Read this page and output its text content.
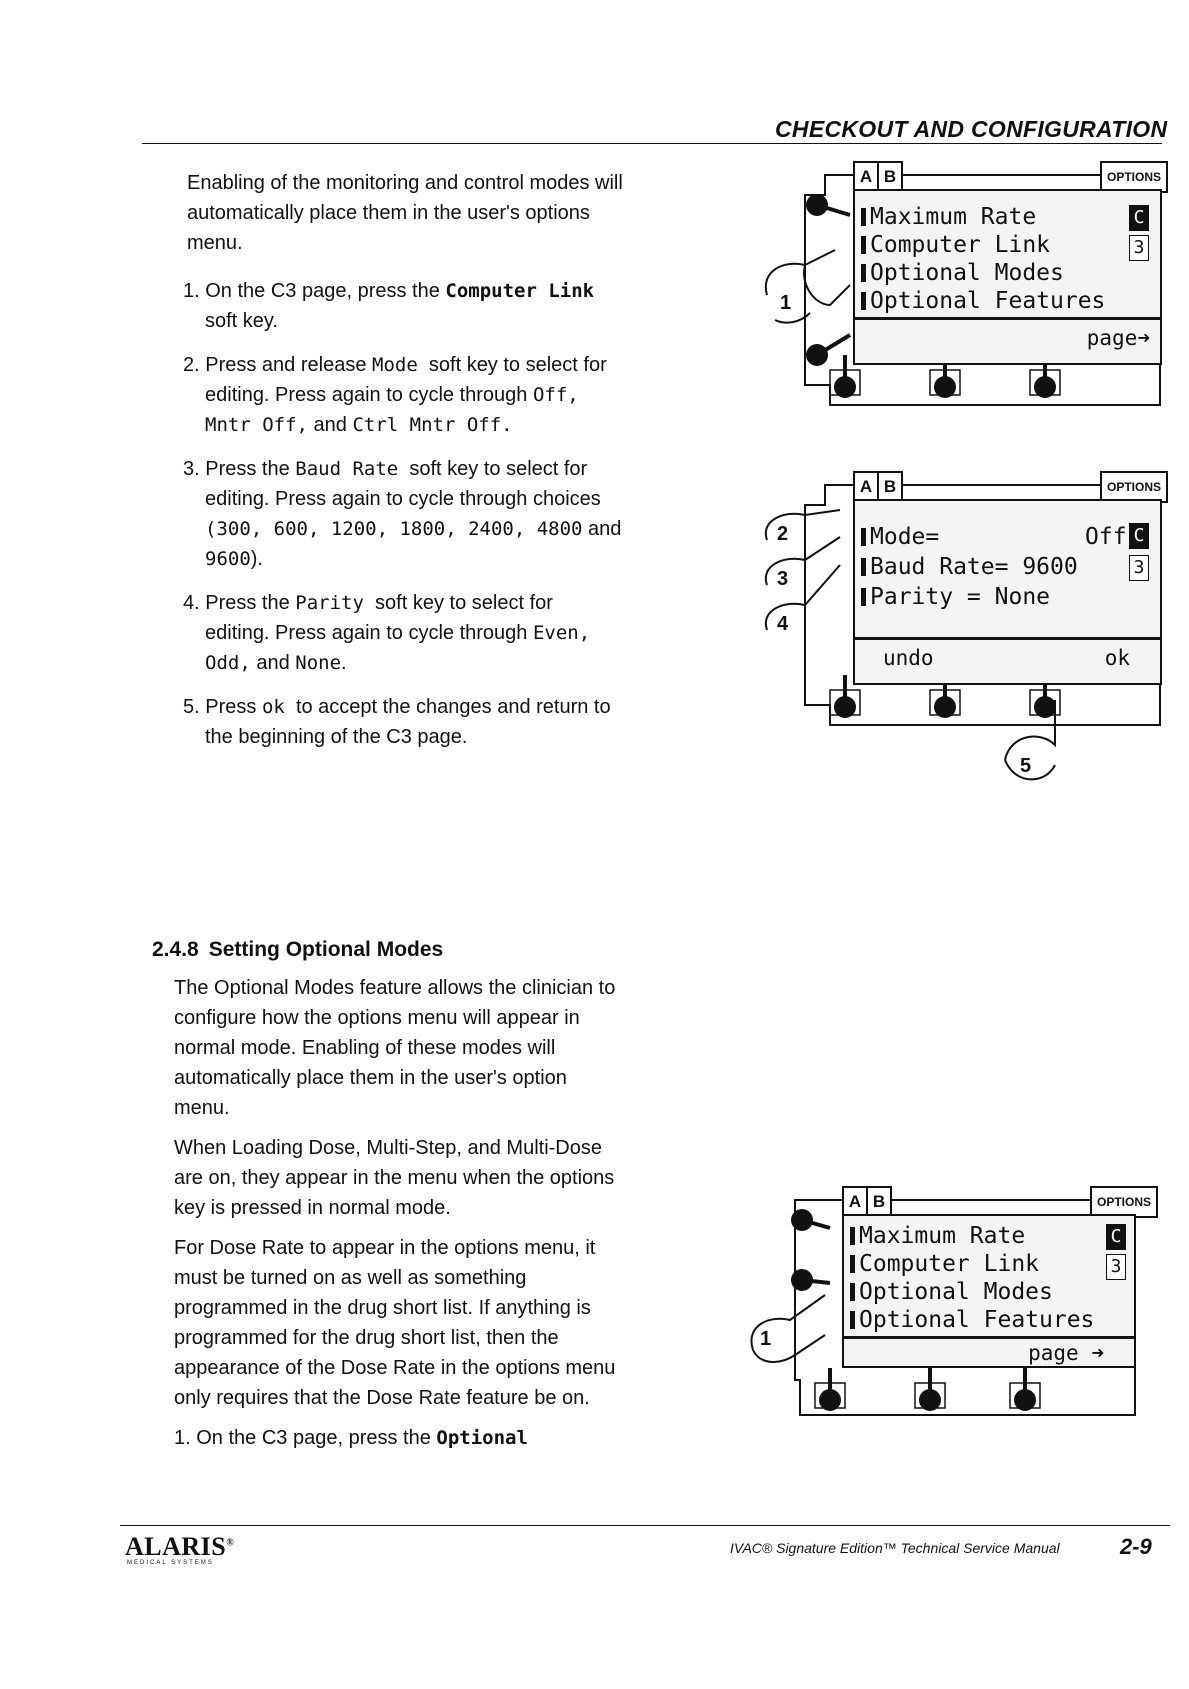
CHECKOUT AND CONFIGURATION
Enabling of the monitoring and control modes will
automatically place them in the user's options
menu.
1. On the C3 page, press the Computer Link
soft key.
2. Press and release Mode  soft key to select for
editing. Press again to cycle through Off,
Mntr Off, and Ctrl Mntr Off.
3. Press the Baud Rate  soft key to select for
editing. Press again to cycle through choices
(300, 600, 1200, 1800, 2400, 4800 and
9600).
4. Press the Parity  soft key to select for
editing. Press again to cycle through Even,
Odd, and None.
5. Press ok  to accept the changes and return to
the beginning of the C3 page.
2.4.8 Setting Optional Modes
The Optional Modes feature allows the clinician to
configure how the options menu will appear in
normal mode. Enabling of these modes will
automatically place them in the user's option
menu.
When Loading Dose, Multi-Step, and Multi-Dose
are on, they appear in the menu when the options
key is pressed in normal mode.
For Dose Rate to appear in the options menu, it
must be turned on as well as something
programmed in the drug short list. If anything is
programmed for the drug short list, then the
appearance of the Dose Rate in the options menu
only requires that the Dose Rate feature be on.
1. On the C3 page, press the Optional
A B	OPTIONS
Maximum Rate
Computer Link
Optional Modes
Optional Features
C
3
page➜
1
A B	OPTIONS
Mode=	Off
Baud Rate= 9600
Parity = None
C
3
undo	ok
2
3
4
5
A B	OPTIONS
Maximum Rate
Computer Link
Optional Modes
Optional Features
C
3
page ➜
1
ALARIS®
MEDICAL SYSTEMS
IVAC® Signature Edition™ Technical Service Manual	2-9
